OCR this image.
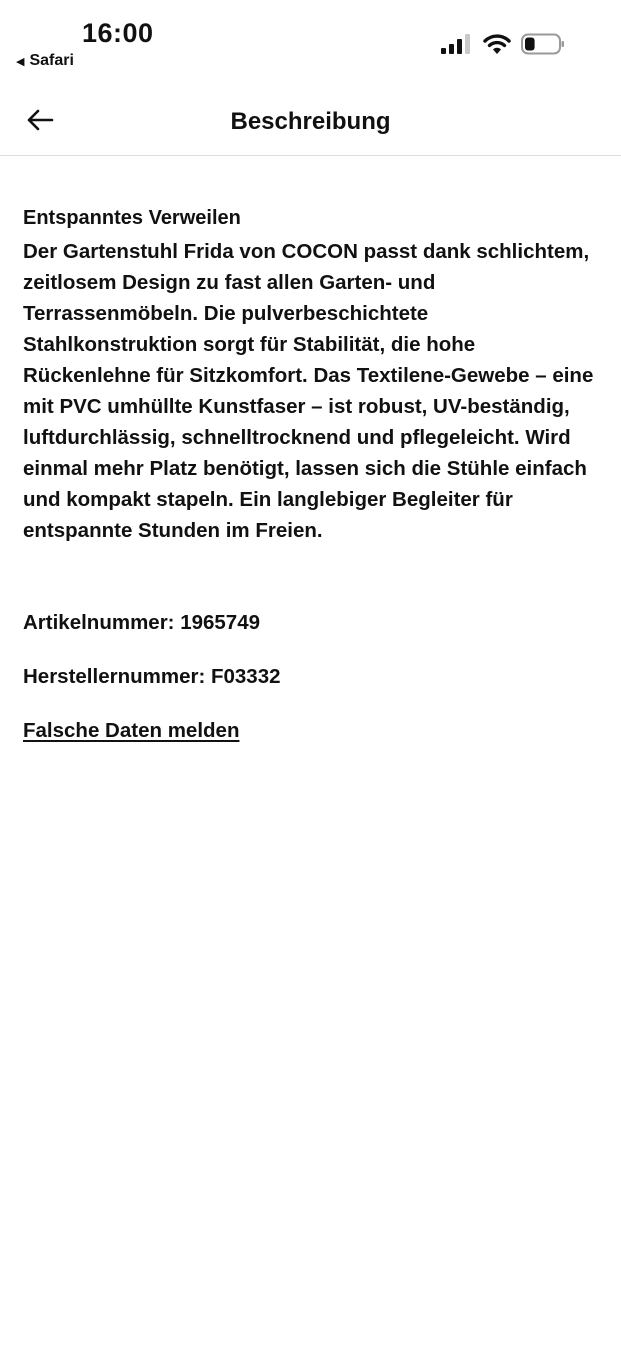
16:00
◀ Safari
Beschreibung

Entspanntes Verweilen

Der Gartenstuhl Frida von COCON passt dank schlichtem, zeitlosem Design zu fast allen Garten- und Terrassenmöbeln. Die pulverbeschichtete Stahlkonstruktion sorgt für Stabilität, die hohe Rückenlehne für Sitzkomfort. Das Textilene-Gewebe – eine mit PVC umhüllte Kunstfaser – ist robust, UV-beständig, luftdurchlässig, schnelltrocknend und pflegeleicht. Wird einmal mehr Platz benötigt, lassen sich die Stühle einfach und kompakt stapeln. Ein langlebiger Begleiter für entspannte Stunden im Freien.

Artikelnummer: 1965749

Herstellernummer: F03332

Falsche Daten melden
